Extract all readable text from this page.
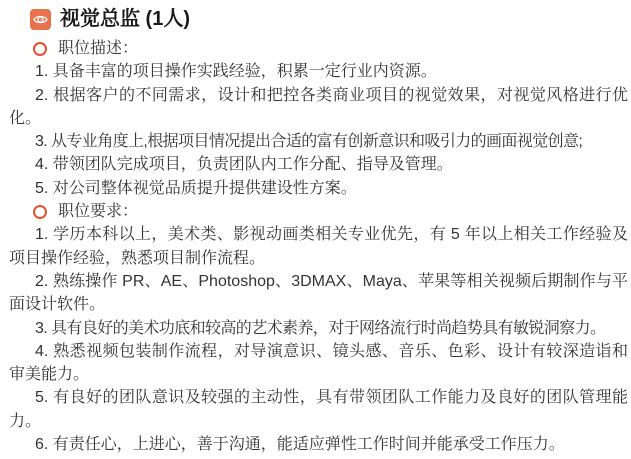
视觉总监 (1人)
职位描述：

1. 具备丰富的项目操作实践经验，积累一定行业内资源。

2. 根据客户的不同需求，设计和把控各类商业项目的视觉效果，对视觉风格进行优化。

3. 从专业角度上,根据项目情况提出合适的富有创新意识和吸引力的画面视觉创意;

4. 带领团队完成项目，负责团队内工作分配、指导及管理。

5. 对公司整体视觉品质提升提供建设性方案。

职位要求：

1. 学历本科以上，美术类、影视动画类相关专业优先，有 5 年以上相关工作经验及项目操作经验，熟悉项目制作流程。

2. 熟练操作 PR、AE、Photoshop、3DMAX、Maya、苹果等相关视频后期制作与平面设计软件。

3. 具有良好的美术功底和较高的艺术素养，对于网络流行时尚趋势具有敏锐洞察力。

4. 熟悉视频包装制作流程，对导演意识、镜头感、音乐、色彩、设计有较深造诣和审美能力。

5. 有良好的团队意识及较强的主动性，具有带领团队工作能力及良好的团队管理能力。

6. 有责任心，上进心，善于沟通，能适应弹性工作时间并能承受工作压力。
